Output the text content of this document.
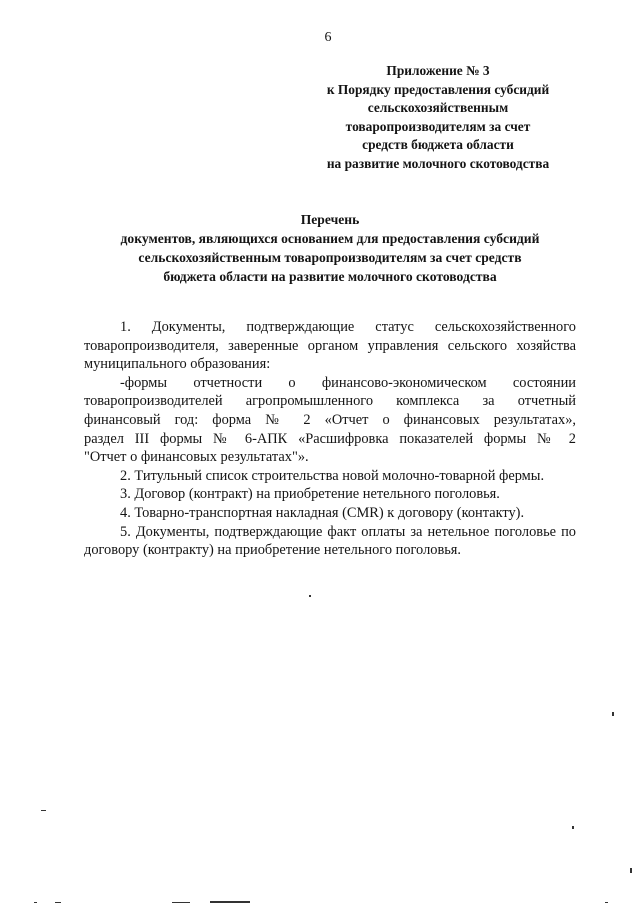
6
Приложение № 3
к Порядку предоставления субсидий
сельскохозяйственным
товаропроизводителям за счет
средств бюджета области
на развитие молочного скотоводства
Перечень
документов, являющихся основанием для предоставления субсидий
сельскохозяйственным товаропроизводителям за счет средств
бюджета области на развитие молочного скотоводства
1. Документы, подтверждающие статус сельскохозяйственного
товаропроизводителя, заверенные органом управления сельского хозяйства
муниципального образования:
-формы отчетности о финансово-экономическом состоянии
товаропроизводителей агропромышленного комплекса за отчетный
финансовый год: форма № 2 «Отчет о финансовых результатах»,
раздел III формы № 6-АПК «Расшифровка показателей формы № 2
"Отчет о финансовых результатах"».
2. Титульный список строительства новой молочно-товарной фермы.
3. Договор (контракт) на приобретение нетельного поголовья.
4. Товарно-транспортная накладная (CMR) к договору (контакту).
5. Документы, подтверждающие факт оплаты за нетельное поголовье по
договору (контракту) на приобретение нетельного поголовья.
